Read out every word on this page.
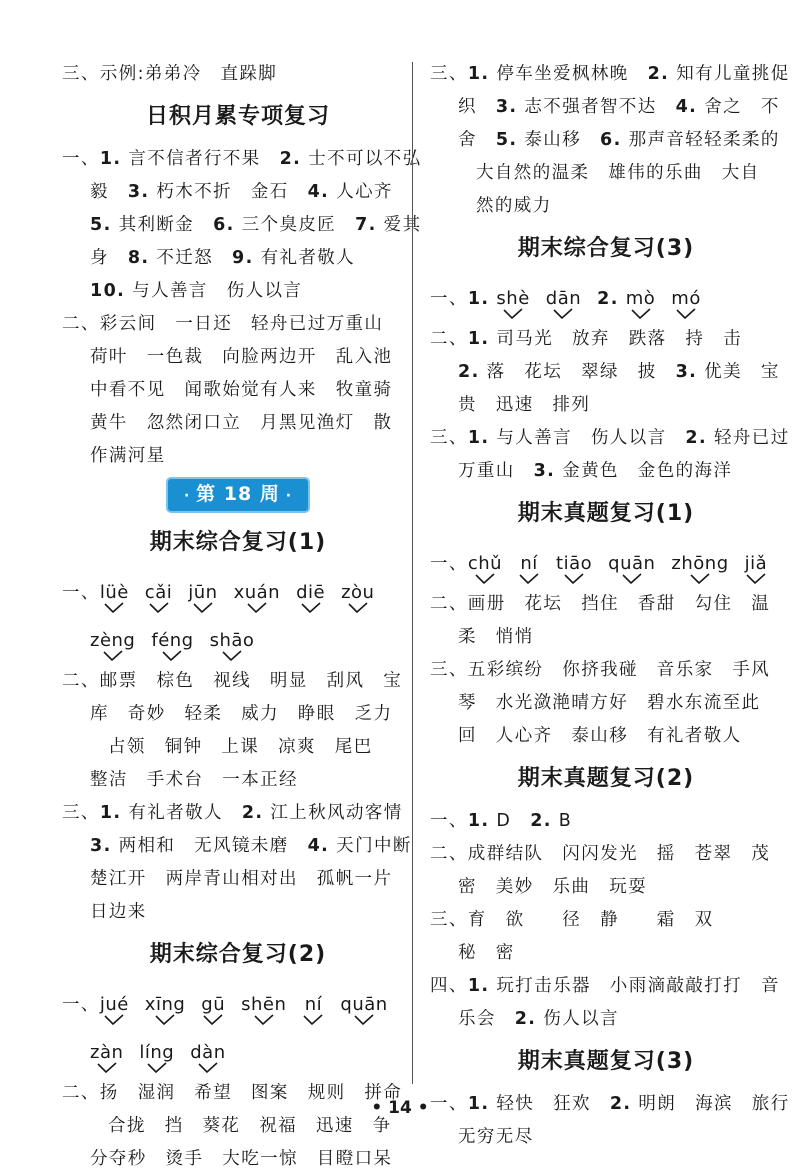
三、示例:弟弟冷　直跺脚
日积月累专项复习
一、1. 言不信者行不果　2. 士不可以不弘
毅　3. 朽木不折　金石　4. 人心齐
5. 其利断金　6. 三个臭皮匠　7. 爱其
身　8. 不迁怒　9. 有礼者敬人
10. 与人善言　伤人以言
二、彩云间　一日还　轻舟已过万重山
荷叶　一色裁　向脸两边开　乱入池
中看不见　闻歌始觉有人来　牧童骑
黄牛　忽然闭口立　月黑见渔灯　散
作满河星
· 第 18 周 ·
期末综合复习(1)
一、 lüè cǎi jūn xuán diē zòu
zèng féng shāo
二、邮票　棕色　视线　明显　刮风　宝
库　奇妙　轻柔　威力　睁眼　乏力
占领　铜钟　上课　凉爽　尾巴
整洁　手术台　一本正经
三、1. 有礼者敬人　2. 江上秋风动客情
3. 两相和　无风镜未磨　4. 天门中断
楚江开　两岸青山相对出　孤帆一片
日边来
期末综合复习(2)
一、 jué xīng gū shēn ní quān
zàn líng dàn
二、扬　湿润　希望　图案　规则　拼命
合拢　挡　葵花　祝福　迅速　争
分夺秒　烫手　大吃一惊　目瞪口呆
三、1. 停车坐爱枫林晚　2. 知有儿童挑促
织　3. 志不强者智不达　4. 舍之　不
舍　5. 泰山移　6. 那声音轻轻柔柔的
大自然的温柔　雄伟的乐曲　大自
然的威力
期末综合复习(3)
一、1. shè dān 2. mò mó
二、1. 司马光　放弃　跌落　持　击
2. 落　花坛　翠绿　披　3. 优美　宝
贵　迅速　排列
三、1. 与人善言　伤人以言　2. 轻舟已过
万重山　3. 金黄色　金色的海洋
期末真题复习(1)
一、 chǔ ní tiāo quān zhōng jiǎ
二、画册　花坛　挡住　香甜　勾住　温
柔　悄悄
三、五彩缤纷　你挤我碰　音乐家　手风
琴　水光潋滟晴方好　碧水东流至此
回　人心齐　泰山移　有礼者敬人
期末真题复习(2)
一、1. D　2. B
二、成群结队　闪闪发光　摇　苍翠　茂
密　美妙　乐曲　玩耍
三、育　欲　　径　静　　霜　双
秘　密
四、1. 玩打击乐器　小雨滴敲敲打打　音
乐会　2. 伤人以言
期末真题复习(3)
一、1. 轻快　狂欢　2. 明朗　海滨　旅行
无穷无尽
• 14 •
